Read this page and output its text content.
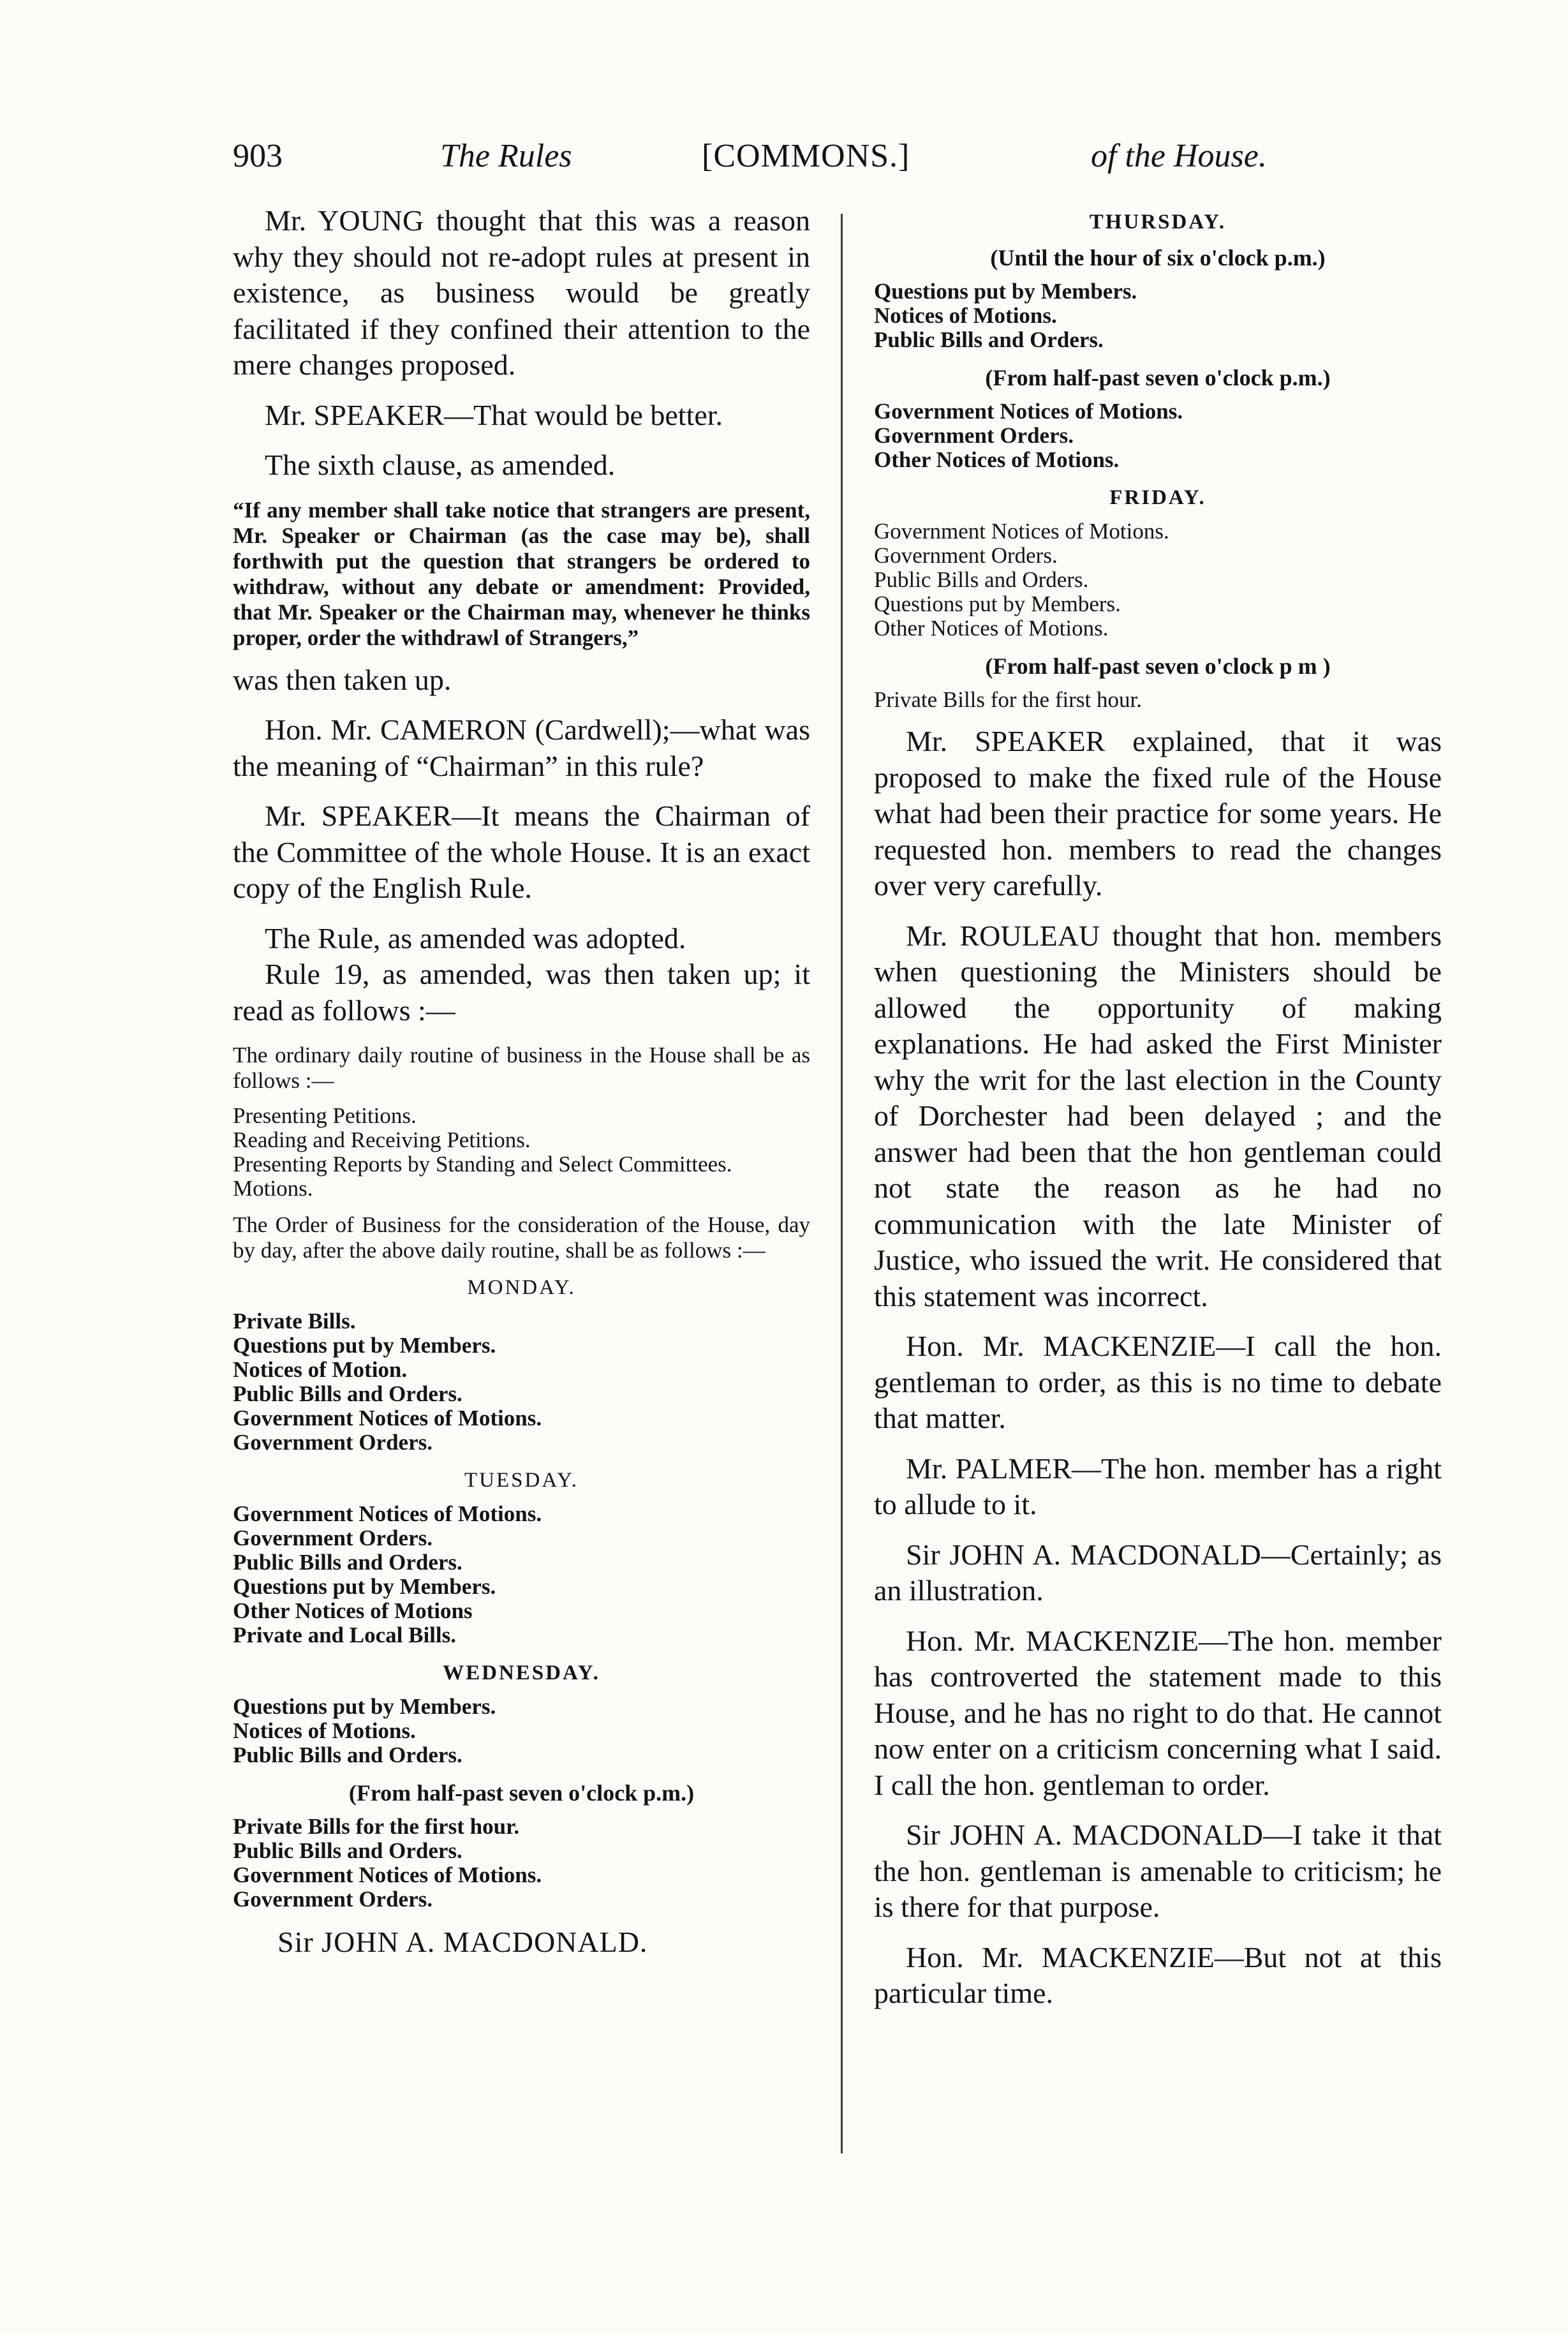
903	The Rules	[COMMONS.]	of the House.

Mr. YOUNG thought that this was a reason why they should not re-adopt rules at present in existence, as business would be greatly facilitated if they confined their attention to the mere changes proposed.

Mr. SPEAKER—That would be better.

The sixth clause, as amended.

“If any member shall take notice that strangers are present, Mr. Speaker or Chairman (as the case may be), shall forthwith put the question that strangers be ordered to withdraw, without any debate or amendment: Provided, that Mr. Speaker or the Chairman may, whenever he thinks proper, order the withdrawl of Strangers,”

was then taken up.

Hon. Mr. CAMERON (Cardwell);—what was the meaning of “Chairman” in this rule?

Mr. SPEAKER—It means the Chairman of the Committee of the whole House. It is an exact copy of the English Rule.

The Rule, as amended was adopted.

Rule 19, as amended, was then taken up; it read as follows :—

The ordinary daily routine of business in the House shall be as follows :—

Presenting Petitions.
Reading and Receiving Petitions.
Presenting Reports by Standing and Select Committees.
Motions.

The Order of Business for the consideration of the House, day by day, after the above daily routine, shall be as follows :—

MONDAY.
Private Bills.
Questions put by Members.
Notices of Motion.
Public Bills and Orders.
Government Notices of Motions.
Government Orders.
TUESDAY.
Government Notices of Motions.
Government Orders.
Public Bills and Orders.
Questions put by Members.
Other Notices of Motions
Private and Local Bills.
WEDNESDAY.
Questions put by Members.
Notices of Motions.
Public Bills and Orders.
(From half-past seven o'clock p.m.)
Private Bills for the first hour.
Public Bills and Orders.
Government Notices of Motions.
Government Orders.
Sir JOHN A. MACDONALD.
THURSDAY.
(Until the hour of six o'clock p.m.)
Questions put by Members.
Notices of Motions.
Public Bills and Orders.
(From half-past seven o'clock p.m.)
Government Notices of Motions.
Government Orders.
Other Notices of Motions.
FRIDAY.
Government Notices of Motions.
Government Orders.
Public Bills and Orders.
Questions put by Members.
Other Notices of Motions.
(From half-past seven o'clock p m )
Private Bills for the first hour.

Mr. SPEAKER explained, that it was proposed to make the fixed rule of the House what had been their practice for some years. He requested hon. members to read the changes over very carefully.

Mr. ROULEAU thought that hon. members when questioning the Ministers should be allowed the opportunity of making explanations. He had asked the First Minister why the writ for the last election in the County of Dorchester had been delayed ; and the answer had been that the hon gentleman could not state the reason as he had no communication with the late Minister of Justice, who issued the writ. He considered that this statement was incorrect.

Hon. Mr. MACKENZIE—I call the hon. gentleman to order, as this is no time to debate that matter.

Mr. PALMER—The hon. member has a right to allude to it.

Sir JOHN A. MACDONALD—Certainly; as an illustration.

Hon. Mr. MACKENZIE—The hon. member has controverted the statement made to this House, and he has no right to do that. He cannot now enter on a criticism concerning what I said. I call the hon. gentleman to order.

Sir JOHN A. MACDONALD—I take it that the hon. gentleman is amenable to criticism; he is there for that purpose.

Hon. Mr. MACKENZIE—But not at this particular time.
